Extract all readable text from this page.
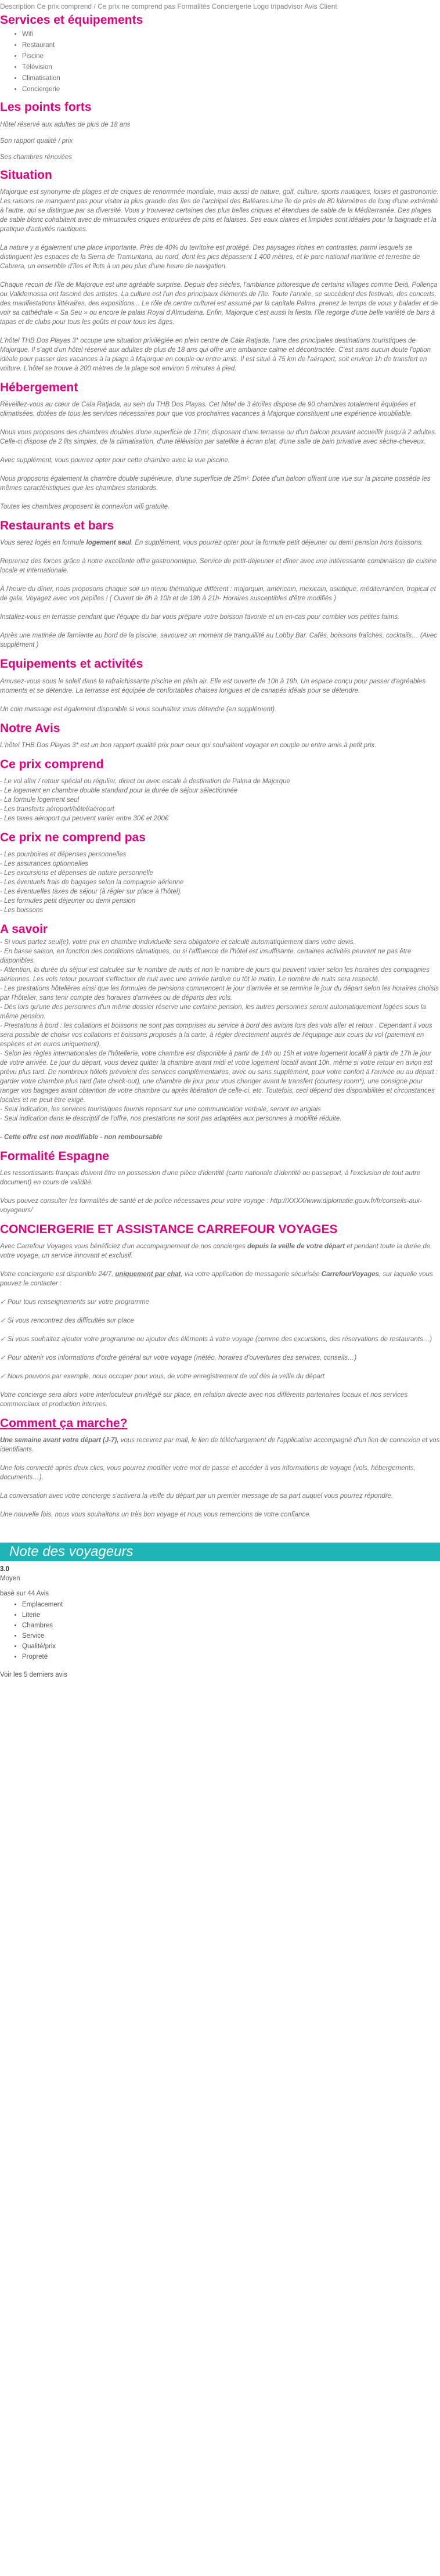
Description Ce prix comprend / Ce prix ne comprend pas Formalités Conciergerie Logo tripadvisor Avis Client
Services et équipements
• Wifi
• Restaurant
• Piscine
• Télévision
• Climatisation
• Conciergerie
Les points forts

Hôtel réservé aux adultes de plus de 18 ans

Son rapport qualité / prix

Ses chambres rénovées

Situation

Majorque est synonyme de plages et de criques de renommée mondiale, mais aussi de nature, golf, culture, sports nautiques, loisirs et gastronomie. Les raisons ne manquent pas pour visiter la plus grande des îles de l'archipel des Baléares.Une île de près de 80 kilomètres de long d'une extrémité à l'autre, qui se distingue par sa diversité. Vous y trouverez certaines des plus belles criques et étendues de sable de la Méditerranée. Des plages de sable blanc cohabitent avec de minuscules criques entourées de pins et falaises. Ses eaux claires et limpides sont idéales pour la baignade et la pratique d'activités nautiques.

La nature y a également une place importante. Près de 40% du territoire est protégé. Des paysages riches en contrastes, parmi lesquels se distinguent les espaces de la Sierra de Tramuntana, au nord, dont les pics dépassent 1 400 mètres, et le parc national maritime et terrestre de Cabrera, un ensemble d'îles et îlots à un peu plus d'une heure de navigation.

Chaque recoin de l'île de Majorque est une agréable surprise. Depuis des siècles, l'ambiance pittoresque de certains villages comme Deià, Pollença ou Valldemossa ont fasciné des artistes. La culture est l'un des principaux éléments de l'île. Toute l'année, se succèdent des festivals, des concerts, des manifestations littéraires, des expositions... Le rôle de centre culturel est assumé par la capitale Palma, prenez le temps de vous y balader et de voir sa cathédrale « Sa Seu » ou encore le palais Royal d'Almudaina. Enfin, Majorque c'est aussi la fiesta. l'île regorge d'une belle variété de bars à tapas et de clubs pour tous les goûts et pour tous les âges.

L'hôtel THB Dos Playas 3* occupe une situation privilégiée en plein centre de Cala Ratjada, l'une des principales destinations touristiques de Majorque. Il s'agit d'un hôtel réservé aux adultes de plus de 18 ans qui offre une ambiance calme et décontractée. C'est sans aucun doute l'option idéale pour passer des vacances à la plage à Majorque en couple ou entre amis. Il est situé à 75 km de l'aéroport, soit environ 1h de transfert en voiture. L'hôtel se trouve à 200 mètres de la plage soit environ 5 minutes à pied.

Hébergement

Réveillez-vous au cœur de Cala Ratjada, au sein du THB Dos Playas. Cet hôtel de 3 étoiles dispose de 90 chambres totalement équipées et climatisées, dotées de tous les services nécessaires pour que vos prochaines vacances à Majorque constituent une expérience inoubliable.

Nous vous proposons des chambres doubles d'une superficie de 17m², disposant d'une terrasse ou d'un balcon pouvant accueillir jusqu'à 2 adultes. Celle-ci dispose de 2 lits simples, de la climatisation, d'une télévision par satellite à écran plat, d'une salle de bain privative avec sèche-cheveux.

Avec supplément, vous pourrez opter pour cette chambre avec la vue piscine.

Nous proposons également la chambre double supérieure, d'une superficie de 25m². Dotée d'un balcon offrant une vue sur la piscine possède les mêmes caractéristiques que les chambres standards.

Toutes les chambres proposent la connexion wifi gratuite.

Restaurants et bars

Vous serez logés en formule logement seul. En supplément, vous pourrez opter pour la formule petit déjeuner ou demi pension hors boissons.

Reprenez des forces grâce à notre excellente offre gastronomique. Service de petit-déjeuner et dîner avec une intéressante combinaison de cuisine locale et internationale.

À l'heure du dîner, nous proposons chaque soir un menu thématique différent : majorquin, américain, mexicain, asiatique, méditerranéen, tropical et de gala. Voyagez avec vos papilles ! ( Ouvert de 8h à 10h et de 19h à 21h- Horaires susceptibles d'être modifiés )

Installez-vous en terrasse pendant que l'équipe du bar vous prépare votre boisson favorite et un en-cas pour combler vos petites faims.

Après une matinée de farniente au bord de la piscine, savourez un moment de tranquillité au Lobby Bar. Cafés, boissons fraîches, cocktails… (Avec supplément )

Equipements et activités

Amusez-vous sous le soleil dans la rafraîchissante piscine en plein air. Elle est ouverte de 10h à 19h. Un espace conçu pour passer d'agréables moments et se détendre. La terrasse est équipée de confortables chaises longues et de canapés idéals pour se détendre.

Un coin massage est également disponible si vous souhaitez vous détendre (en supplément).

Notre Avis

L'hôtel THB Dos Playas 3* est un bon rapport qualité prix pour ceux qui souhaitent voyager en couple ou entre amis à petit prix.

Ce prix comprend

- Le vol aller / retour spécial ou régulier, direct ou avec escale à destination de Palma de Majorque

- Le logement en chambre double standard pour la durée de séjour sélectionnée

- La formule logement seul

- Les transferts aéroport/hôtel/aéroport

- Les taxes aéroport qui peuvent varier entre 30€ et 200€

Ce prix ne comprend pas

- Les pourboires et dépenses personnelles

- Les assurances optionnelles

- Les excursions et dépenses de nature personnelle

- Les éventuels frais de bagages selon la compagnie aérienne

- Les éventuelles taxes de séjour (à régler sur place à l'hôtel).

- Les formules petit déjeuner ou demi pension

- Les boissons

A savoir

- Si vous partez seul(e), votre prix en chambre individuelle sera obligatoire et calculé automatiquement dans votre devis.

- En basse saison, en fonction des conditions climatiques, ou si l'affluence de l'hôtel est insuffisante, certaines activités peuvent ne pas être disponibles.

- Attention, la durée du séjour est calculée sur le nombre de nuits et non le nombre de jours qui peuvent varier selon les horaires des compagnies aériennes. Les vols retour pourront s'effectuer de nuit avec une arrivée tardive ou tôt le matin. Le nombre de nuits sera respecté.

- Les prestations hôtelières ainsi que les formules de pensions commencent le jour d'arrivée et se termine le jour du départ selon les horaires choisis par l'hôtelier, sans tenir compte des horaires d'arrivées ou de départs des vols.

- Dès lors qu'une des personnes d'un même dossier réserve une certaine pension, les autres personnes seront automatiquement logées sous la même pension.

- Prestations à bord : les collations et boissons ne sont pas comprises au service à bord des avions lors des vols aller et retour . Cependant il vous sera possible de choisir vos collations et boissons proposés à la carte, à régler directement auprès de l'équipage aux cours du vol (paiement en espèces et en euros uniquement).

- Selon les règles internationales de l'hôtellerie, votre chambre est disponible à partir de 14h ou 15h et votre logement localif à partir de 17h le jour de votre arrivée. Le jour du départ, vous devez quitter la chambre avant midi et votre logement locatif avant 10h, même si votre retour en avion est prévu plus tard. De nombreux hôtels prévoient des services complémentaires, avec ou sans supplément, pour votre confort à l'arrivée ou au départ : garder votre chambre plus tard (late check-out), une chambre de jour pour vous changer avant le transfert (courtesy room*), une consigne pour ranger vos bagages avant obtention de votre chambre ou après libération de celle-ci, etc. Toutefois, ceci dépend des disponibilités et circonstances locales et ne peut être exigé.

- Seul indication, les services touristiques fournis reposant sur une communication verbale, seront en anglais

- Seul indication dans le descriptif de l'offre, nos prestations ne sont pas adaptées aux personnes à mobilité réduite.

- Cette offre est non modifiable - non remboursable

Formalité Espagne

Les ressortissants français doivent être en possession d'une pièce d'identité (carte nationale d'identité ou passeport, à l'exclusion de tout autre document) en cours de validité.

Vous pouvez consulter les formalités de santé et de police nécessaires pour votre voyage : http://XXXX/www.diplomatie.gouv.fr/fr/conseils-aux-voyageurs/

CONCIERGERIE ET ASSISTANCE CARREFOUR VOYAGES

Avec Carrefour Voyages vous bénéficiez d'un accompagnement de nos concierges depuis la veille de votre départ et pendant toute la durée de votre voyage, un service innovant et exclusif.

Votre conciergerie est disponible 24/7, uniquement par chat, via votre application de messagerie sécurisée CarrefourVoyages, sur laquelle vous pouvez le contacter :

✓ Pour tous renseignements sur votre programme

✓ Si vous rencontrez des difficultés sur place

✓ Si vous souhaitez ajouter votre programme ou ajouter des éléments à votre voyage (comme des excursions, des réservations de restaurants…)

✓ Pour obtenir vos informations d'ordre général sur votre voyage (météo, horaires d'ouvertures des services, conseils…)

✓ Nous pouvons par exemple, nous occuper pour vous, de votre enregistrement de vol dès la veille du départ

Votre concierge sera alors votre interlocuteur privilégié sur place, en relation directe avec nos différents partenaires locaux et nos services commerciaux et production internes.

Comment ça marche?

Une semaine avant votre départ (J-7), vous recevrez par mail, le lien de téléchargement de l'application accompagné d'un lien de connexion et vos identifiants.

Une fois connecté après deux clics, vous pourrez modifier votre mot de passe et accéder à vos informations de voyage (vols, hébergements, documents…).

La conversation avec votre concierge s'activera la veille du départ par un premier message de sa part auquel vous pourrez répondre.

Une nouvelle fois, nous vous souhaitons un très bon voyage et nous vous remercions de votre confiance.

Note des voyageurs

3.0

Moyen

basé sur 44 Avis

• Emplacement
• Literie
• Chambres
• Service
• Qualité/prix
• Propreté

Voir les 5 derniers avis
